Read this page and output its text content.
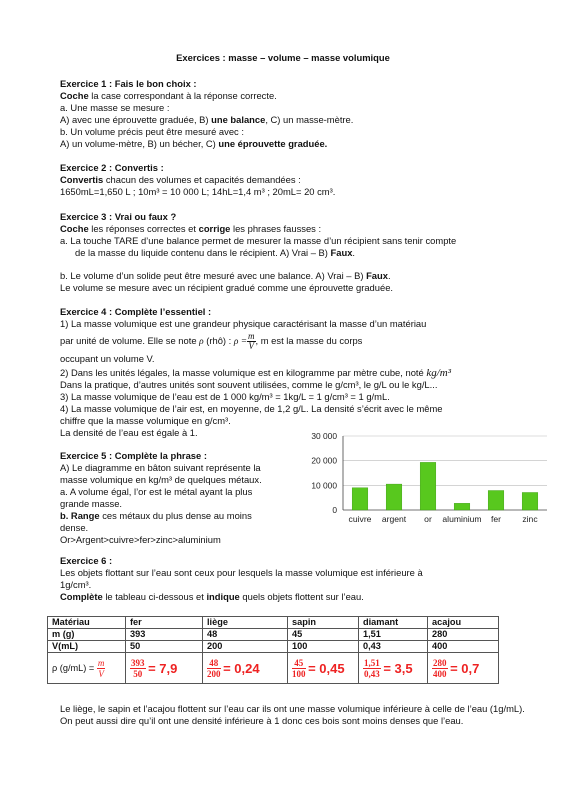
Exercices : masse – volume – masse volumique
Exercice 1 : Fais le bon choix :
Coche la case correspondant à la réponse correcte.
a. Une masse se mesure :
A) avec une éprouvette graduée, B) une balance, C) un masse-mètre.
b. Un volume précis peut être mesuré avec :
A) un volume-mètre, B) un bécher, C) une éprouvette graduée.
Exercice 2 : Convertis :
Convertis chacun des volumes et capacités demandées :
1650mL=1,650 L ; 10m³ = 10 000 L; 14hL=1,4 m³ ; 20mL= 20 cm³.
Exercice 3 : Vrai ou faux ?
Coche les réponses correctes et corrige les phrases fausses :
a. La touche TARE d’une balance permet de mesurer la masse d’un récipient sans tenir compte
de la masse du liquide contenu dans le récipient. A) Vrai – B) Faux.
b. Le volume d’un solide peut être mesuré avec une balance. A) Vrai – B) Faux.
Le volume se mesure avec un récipient gradué comme une éprouvette graduée.
Exercice 4 : Complète l’essentiel :
1) La masse volumique est une grandeur physique caractérisant la masse d’un matériau
par unité de volume. Elle se note ρ (rhô) : $\rho = \frac{m}{V}$ , m est la masse du corps
occupant un volume V.
2) Dans les unités légales, la masse volumique est en kilogramme par mètre cube, noté kg/m³
Dans la pratique, d’autres unités sont souvent utilisées, comme le g/cm³, le g/L ou le kg/L...
3) La masse volumique de l’eau est de 1 000 kg/m³ = 1kg/L = 1 g/cm³ = 1 g/mL.
4) La masse volumique de l’air est, en moyenne, de 1,2 g/L. La densité s’écrit avec le même
chiffre que la masse volumique en g/cm³.
La densité de l’eau est égale à 1.
Exercice 5 : Complète la phrase :
A) Le diagramme en bâton suivant représente la
masse volumique en kg/m³ de quelques métaux.
a. A volume égal, l’or est le métal ayant la plus
grande masse.
b. Range ces métaux du plus dense au moins
dense.
Or>Argent>cuivre>fer>zinc>aluminium
30 000
20 000
10 000
0
cuivre argent or aluminium fer zinc
Exercice 6 :
Les objets flottant sur l’eau sont ceux pour lesquels la masse volumique est inférieure à
1g/cm³.
Complète le tableau ci-dessous et indique quels objets flottent sur l’eau.
Matériau	fer	liège	sapin	diamant	acajou
m (g)	393	48	45	1,51	280
V(mL)	50	200	100	0,43	400
ρ $(g/mL) = \frac{m}{V}$	$\frac{393}{50} = 7,9$	$\frac{48}{200} = 0,24$	$\frac{45}{100} = 0,45$	$\frac{1,51}{0,43} = 3,5$	$\frac{280}{400} = 0,7$
Le liège, le sapin et l’acajou flottent sur l’eau car ils ont une masse volumique inférieure à celle de l’eau (1g/mL). On peut aussi dire qu’il ont une densité inférieure à 1 donc ces bois sont moins denses que l’eau.
